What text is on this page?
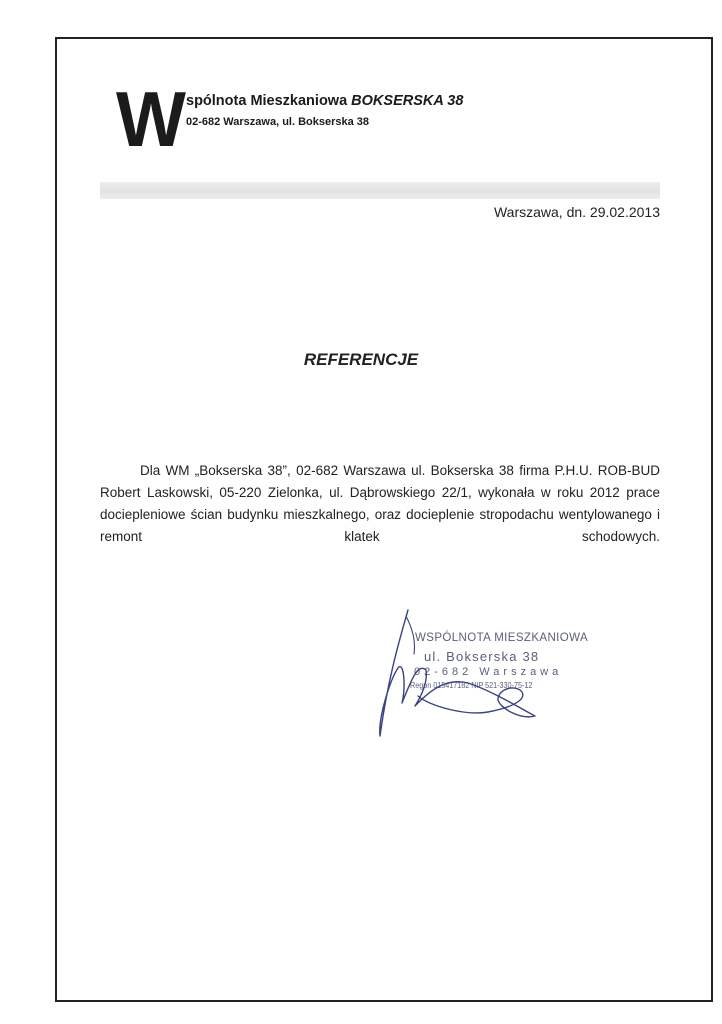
W spólnota Mieszkaniowa BOKSERSKA 38
02-682 Warszawa, ul. Bokserska 38
Warszawa, dn. 29.02.2013
REFERENCJE

Dla WM „Bokserska 38”, 02-682 Warszawa ul. Bokserska 38 firma P.H.U. ROB-BUD Robert Laskowski, 05-220 Zielonka, ul. Dąbrowskiego 22/1, wykonała w roku 2012 prace dociepleniowe ścian budynku mieszkalnego, oraz docieplenie stropodachu wentylowanego i remont klatek schodowych.

WSPÓLNOTA MIESZKANIOWA
ul. Bokserska 38
02-682 Warszawa
Regon 015417182 NIP 521-330-75-12
